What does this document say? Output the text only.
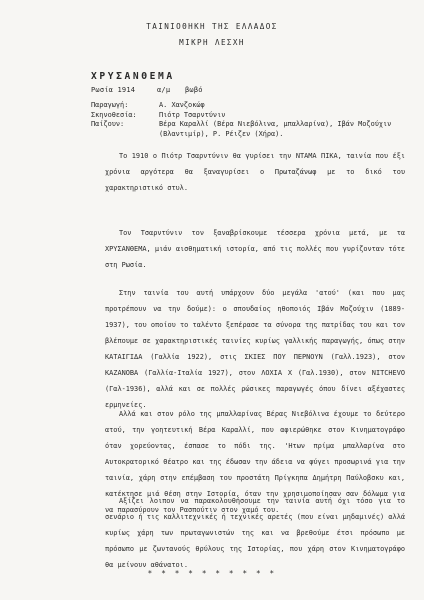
ΤΑΙΝΙΟΘΗΚΗ ΤΗΣ ΕΛΛΑΔΟΣ
ΜΙΚΡΗ ΛΕΣΧΗ
ΧΡΥΣΑΝΘΕΜΑ
Ρωσία 1914	α/μ βωβό
Παραγωγή:	Α. Χανζοκώφ
Σκηνοθεσία:	Πιότρ Τσαρντύνιν
Παίζουν:	Βέρα Καραλλί (Βέρα Νιεβόλινα, μπαλλαρίνα), Ιβάν Μοζούχιν (Βλαντιμίρ), Ρ. Ρέιζεν (Χήρα).

Το 1910 ο Πιότρ Τσαρντύνιν θα γυρίσει την ΝΤΑΜΑ ΠΙΚΑ, ταινία που έξι χρόνια αργότερα θα ξαναγυρίσει ο Πρωταζάνωφ με το δικό του χαρακτηριστικό στυλ.

Τον Τσαρντύνιν τον ξαναβρίσκουμε τέσσερα χρόνια μετά, με τα ΧΡΥΣΑΝΘΕΜΑ, μιάν αισθηματική ιστορία, από τις πολλές που γυρίζονταν τότε στη Ρωσία.

Στην ταινία του αυτή υπάρχουν δύο μεγάλα 'ατού' (και που μας προτρέπουν να την δούμε): ο σπουδαίος ηθοποιός Ιβάν Μοζούχιν (1889-1937), του οποίου το ταλέντο ξεπέρασε τα σύνορα της πατρίδας του και τον βλέπουμε σε χαρακτηριστικές ταινίες κυρίως γαλλικής παραγωγής, όπως στην ΚΑΤΑΙΓΙΔΑ (Γαλλία 1922), στις ΣΚΙΕΣ ΠΟΥ ΠΕΡΝΟΥΝ (Γαλλ.1923), στον ΚΑΖΑΝΟΒΑ (Γαλλία-Ιταλία 1927), στον ΛΟΧΙΑ Χ (Γαλ.1930), στον NITCHEVO (Γαλ-1936), αλλά και σε πολλές ρώσικες παραγωγές όπου δίνει αξέχαστες ερμηνείες.

Αλλά και στον ρόλο της μπαλλαρίνας Βέρας Νιεβόλινα έχουμε το δεύτερο ατού, την γοητευτική Βέρα Καραλλί, που αφιερώθηκε στον Κινηματογράφο όταν χορεύοντας, έσπασε το πόδι της. 'Ητων πρίμα μπαλλαρίνα στο Αυτοκρατορικό Θέατρο και της έδωσαν την άδεια να φύγει προσωρινά για την ταινία, χάρη στην επέμβαση του προστάτη Πρίγκηπα Δημήτρη Παύλοβσκυ και, κατέκτησε μιά θέση στην Ιστορία, όταν την χρησιμοποίησαν σαν δόλωμα για να παρασύρουν τον Ρασπούτιν στον χαμό του.

Αξίζει λοιπον να παρακολουθήσουμε την ταινία αυτή όχι τόσο για το σενάριο ή τις καλλιτεχνικές ή τεχνικές αρετές (που είναι μηδαμινές) αλλά κυρίως χάρη των πρωταγωνιστών της και να βρεθούμε έτσι πρόσωπο με πρόσωπο με ζωντανούς θρύλους της Ιστορίας, που χάρη στον Κινηματογράφο θα μείνουν αθάνατοι.

* * * * * * * * * *
